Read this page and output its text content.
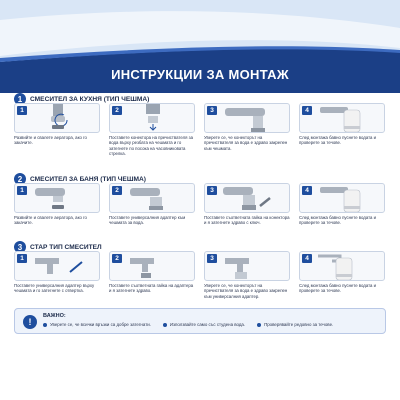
ИНСТРУКЦИИ ЗА МОНТАЖ
1	СМЕСИТЕЛ ЗА КУХНЯ (ТИП ЧЕШМА)
1
Развийте и свалете аератора, ако го закачите.
2
Поставете конектора на пречиствателя за вода върху резбата на чешмата и го затегнете по посока на часовниковата стрелка.
3
Уверете се, че конекторът на пречиствателя за вода е здраво закрепен към чешмата.
4
След монтажа бавно пуснете водата и проверете за течове.
2	СМЕСИТЕЛ ЗА БАНЯ (ТИП ЧЕШМА)
1
Развийте и свалете аератора, ако го закачите.
2
Поставете универсалния адаптер към чешмата за вода.
3
Поставете съответната гайка на конектора и я затегнете здраво с ключ.
4
След монтажа бавно пуснете водата и проверете за течове.
3	СТАР ТИП СМЕСИТЕЛ
1
Поставете универсалния адаптер върху чешмата и го затегнете с отвертка.
2
Поставете съответната гайка на адаптера и я затегнете здраво.
3
Уверете се, че конекторът на пречиствателя за вода е здраво закрепен към универсалния адаптер.
4
След монтажа бавно пуснете водата и проверете за течове.
!
ВАЖНО:
Уверете се, че всички връзки са добре затегнати.	Използвайте само със студена вода.	Проверявайте редовно за течове.
